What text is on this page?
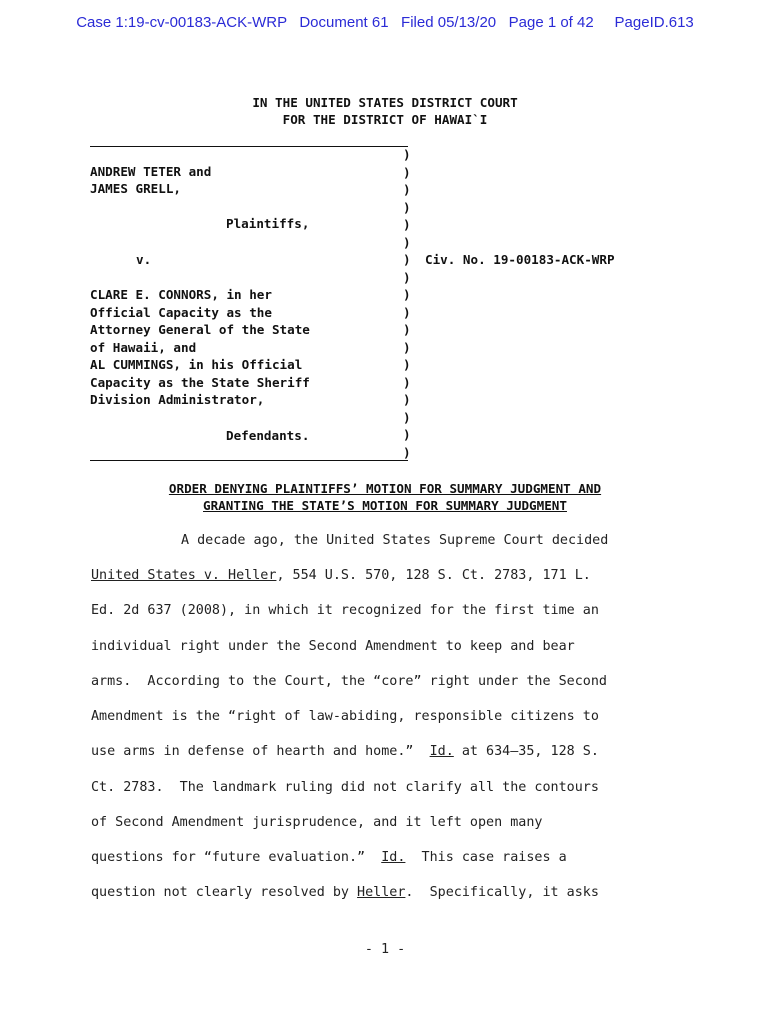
Case 1:19-cv-00183-ACK-WRP   Document 61   Filed 05/13/20   Page 1 of 42     PageID.613
IN THE UNITED STATES DISTRICT COURT
FOR THE DISTRICT OF HAWAI`I
ANDREW TETER and
JAMES GRELL,
Plaintiffs,
v.	Civ. No. 19-00183-ACK-WRP
CLARE E. CONNORS, in her
Official Capacity as the
Attorney General of the State
of Hawaii, and
AL CUMMINGS, in his Official
Capacity as the State Sheriff
Division Administrator,
Defendants.
)
)
)
)
)
)
)
)
)
)
)
)
)
)
)
)
)
)
ORDER DENYING PLAINTIFFS’ MOTION FOR SUMMARY JUDGMENT AND
GRANTING THE STATE’S MOTION FOR SUMMARY JUDGMENT
A decade ago, the United States Supreme Court decided
United States v. Heller, 554 U.S. 570, 128 S. Ct. 2783, 171 L.
Ed. 2d 637 (2008), in which it recognized for the first time an
individual right under the Second Amendment to keep and bear
arms.  According to the Court, the “core” right under the Second
Amendment is the “right of law-abiding, responsible citizens to
use arms in defense of hearth and home.”  Id. at 634–35, 128 S.
Ct. 2783.  The landmark ruling did not clarify all the contours
of Second Amendment jurisprudence, and it left open many
questions for “future evaluation.”  Id.  This case raises a
question not clearly resolved by Heller.  Specifically, it asks
- 1 -
